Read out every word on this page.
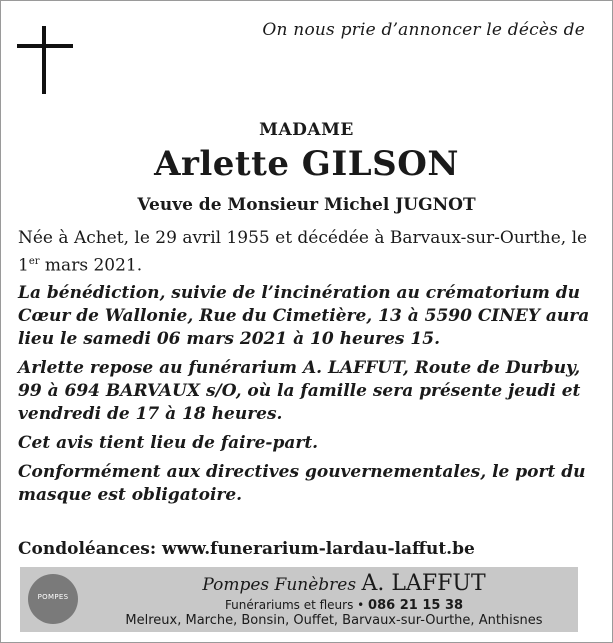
On nous prie d’annoncer le décès de
MADAME
Arlette GILSON
Veuve de Monsieur Michel JUGNOT

Née à Achet, le 29 avril 1955 et décédée à Barvaux-sur-Ourthe, le 1er mars 2021.

La bénédiction, suivie de l’incinération au crématorium du Cœur de Wallonie, Rue du Cimetière, 13 à 5590 CINEY aura lieu le samedi 06 mars 2021 à 10 heures 15.

Arlette repose au funérarium A. LAFFUT, Route de Durbuy, 99 à 694 BARVAUX s/O, où la famille sera présente jeudi et vendredi de 17 à 18 heures.

Cet avis tient lieu de faire-part.

Conformément aux directives gouvernementales, le port du masque est obligatoire.

Condoléances: www.funerarium-lardau-laffut.be
POMPES
Pompes Funèbres A. LAFFUT
Funérariums et fleurs • 086 21 15 38
Melreux, Marche, Bonsin, Ouffet, Barvaux-sur-Ourthe, Anthisnes
